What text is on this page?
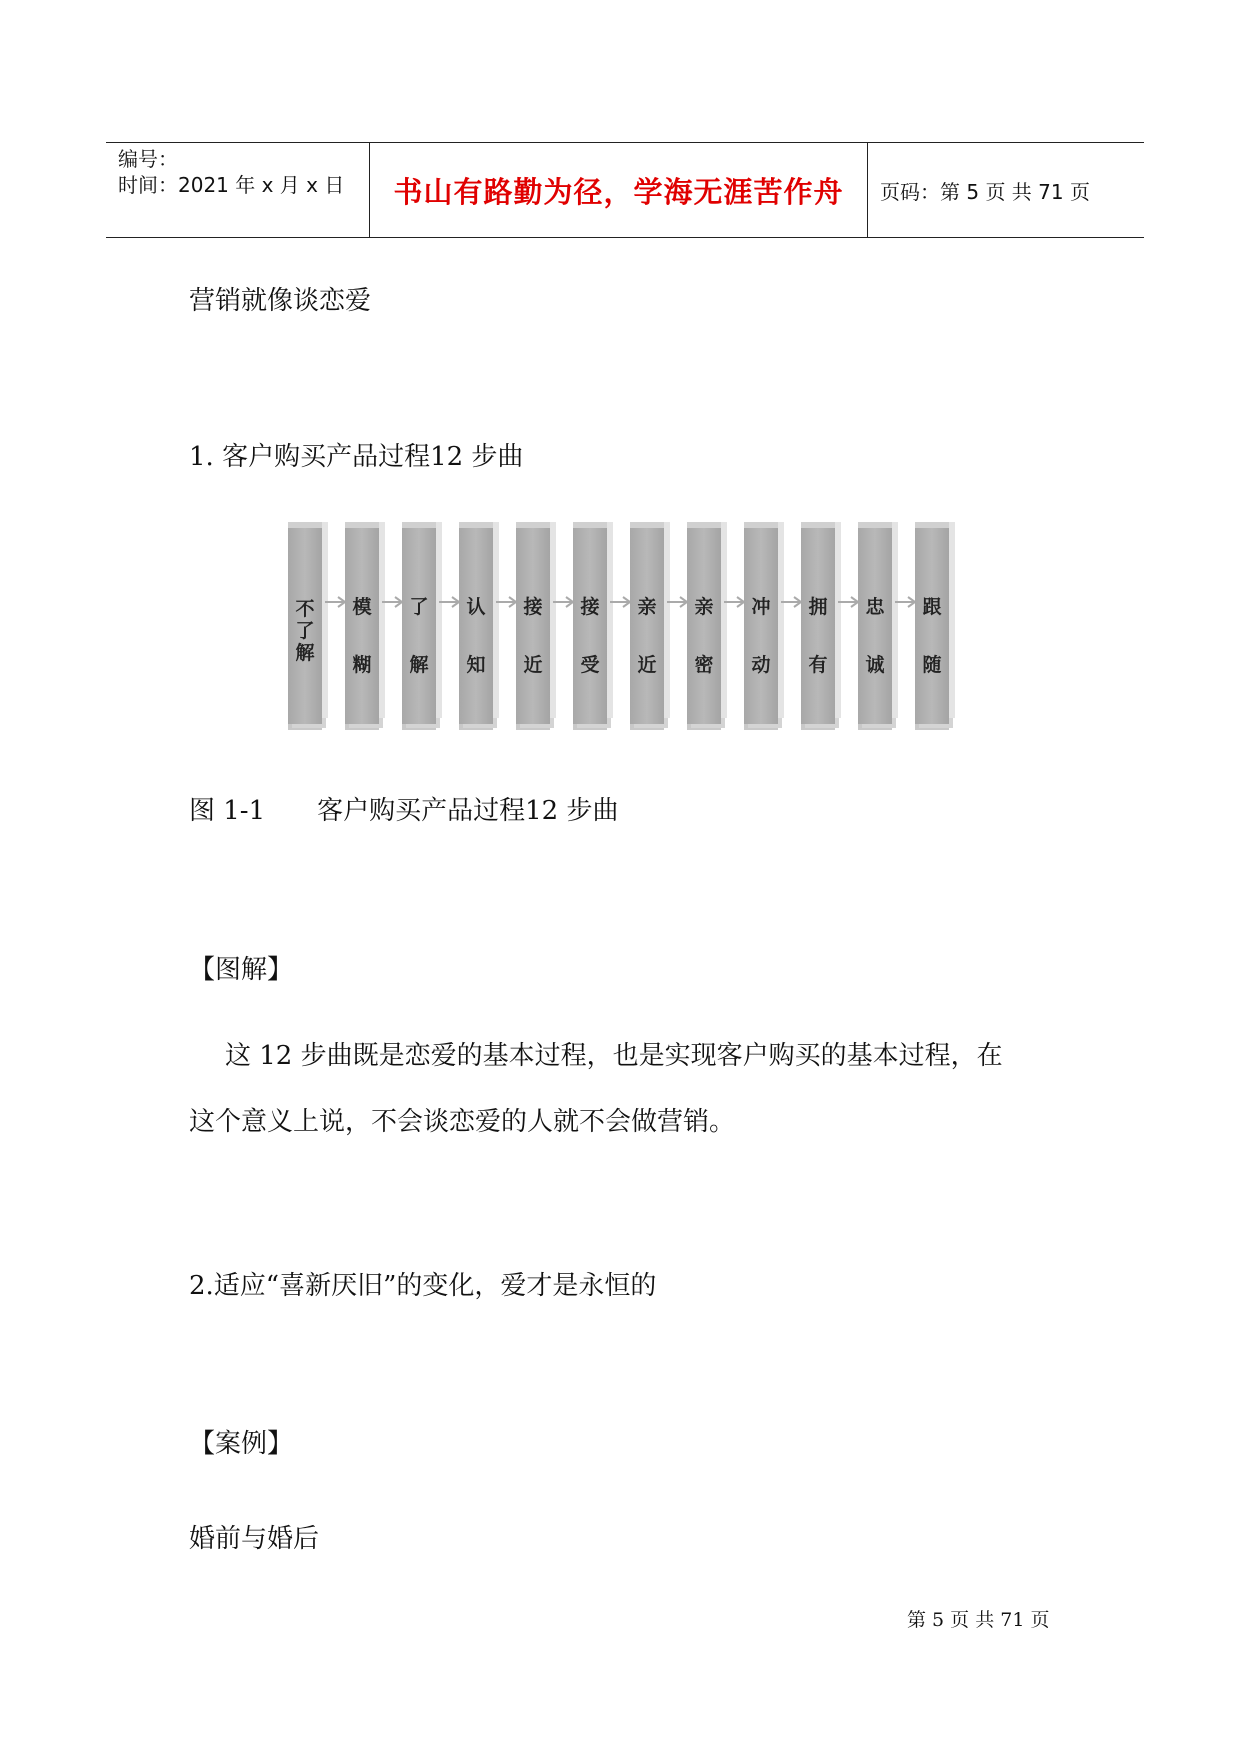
编号：
时间：2021 年 x 月 x 日 书山有路勤为径，学海无涯苦作舟 页码：第 5 页 共 71 页
营销就像谈恋爱
1. 客户购买产品过程12 步曲
不
了
解
模
糊
了
解
认
知
接
近
接
受
亲
近
亲
密
冲
动
拥
有
忠
诚
跟
随
图 1-1　　客户购买产品过程12 步曲
【图解】
这 12 步曲既是恋爱的基本过程，也是实现客户购买的基本过程，在
这个意义上说，不会谈恋爱的人就不会做营销。
2.适应“喜新厌旧”的变化，爱才是永恒的
【案例】
婚前与婚后
第 5 页 共 71 页
